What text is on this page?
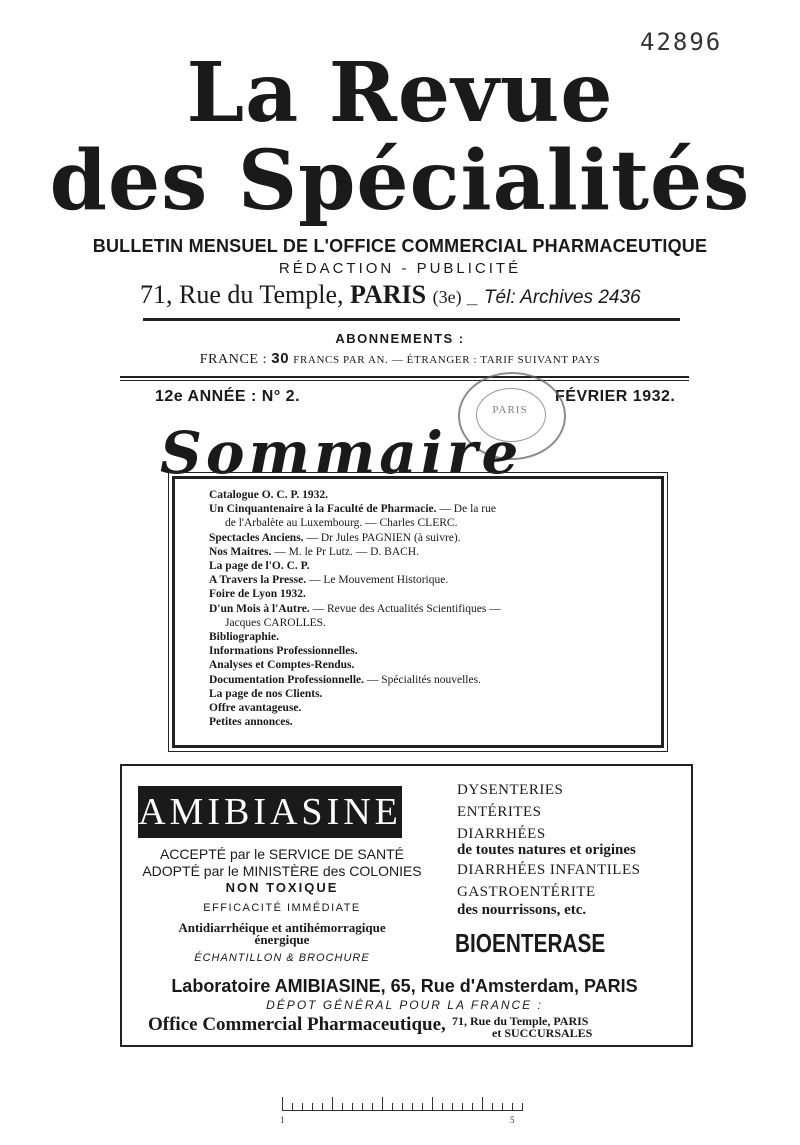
42896
La Revue
des Spécialités
BULLETIN MENSUEL DE L'OFFICE COMMERCIAL PHARMACEUTIQUE
RÉDACTION - PUBLICITÉ
71, Rue du Temple, PARIS (3e) _ Tél: Archives 2436
ABONNEMENTS :
FRANCE : 30 FRANCS PAR AN. — ÉTRANGER : TARIF SUIVANT PAYS
12e ANNÉE : N° 2.	FÉVRIER 1932.
PARIS
Sommaire
Catalogue O. C. P. 1932.
Un Cinquantenaire à la Faculté de Pharmacie. — De la rue
de l'Arbalète au Luxembourg. — Charles CLERC.
Spectacles Anciens. — Dr Jules PAGNIEN (à suivre).
Nos Maitres. — M. le Pr Lutz. — D. BACH.
La page de l'O. C. P.
A Travers la Presse. — Le Mouvement Historique.
Foire de Lyon 1932.
D'un Mois à l'Autre. — Revue des Actualités Scientifiques —
Jacques CAROLLES.
Bibliographie.
Informations Professionnelles.
Analyses et Comptes-Rendus.
Documentation Professionnelle. — Spécialités nouvelles.
La page de nos Clients.
Offre avantageuse.
Petites annonces.
AMIBIASINE
ACCEPTÉ par le SERVICE DE SANTÉ
ADOPTÉ par le MINISTÈRE des COLONIES
NON TOXIQUE
EFFICACITÉ IMMÉDIATE
Antidiarrhéique et antihémorragique
énergique
ÉCHANTILLON & BROCHURE
DYSENTERIES
ENTÉRITES
DIARRHÉES
de toutes natures et origines
DIARRHÉES INFANTILES
GASTROENTÉRITE
des nourrissons, etc.
BIOENTERASE
Laboratoire AMIBIASINE, 65, Rue d'Amsterdam, PARIS
DÉPOT GÉNÉRAL POUR LA FRANCE :
Office Commercial Pharmaceutique, 71, Rue du Temple, PARIS
et SUCCURSALES
1	5
